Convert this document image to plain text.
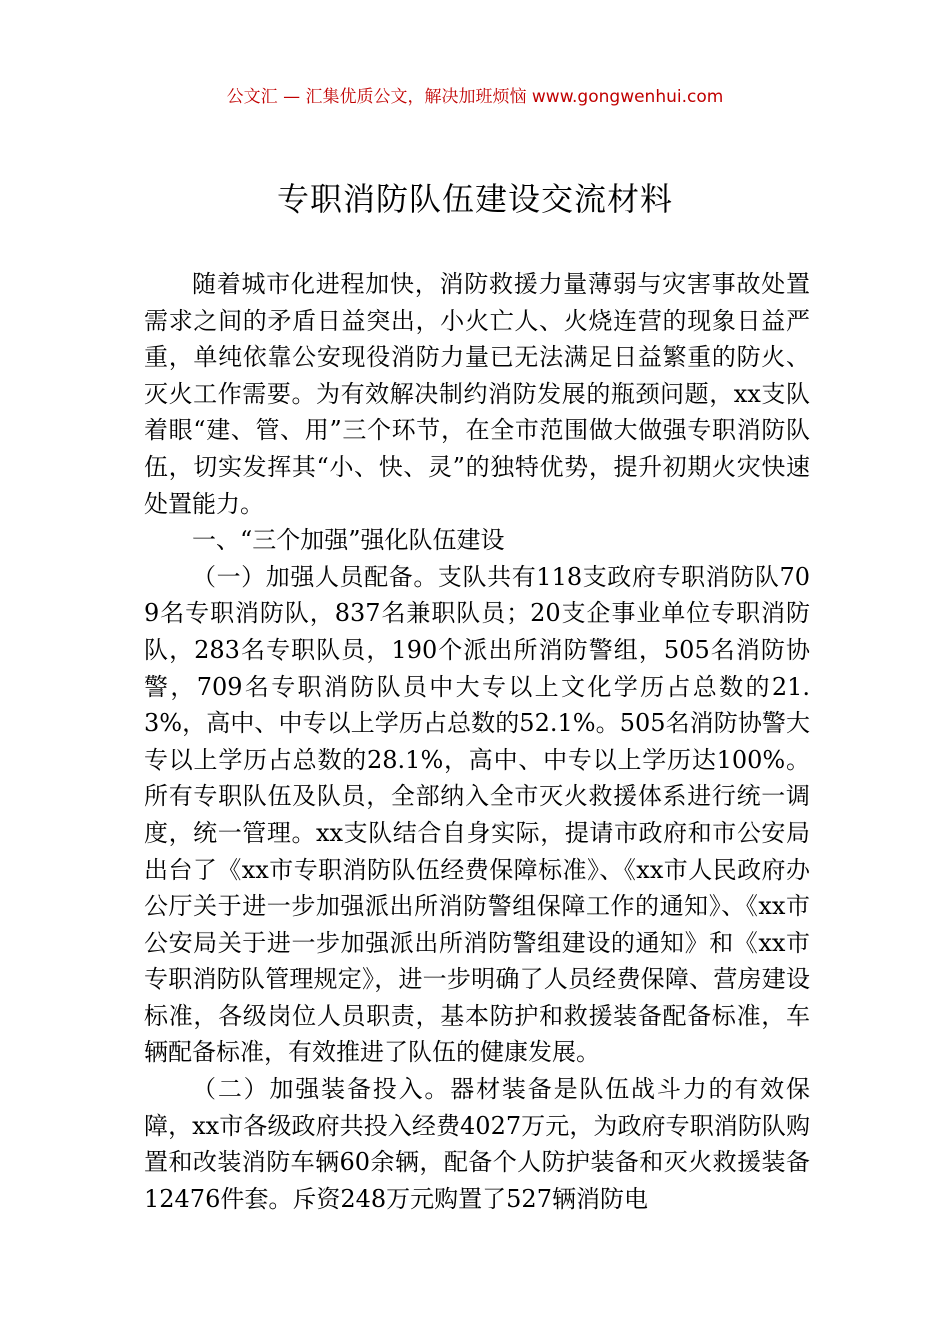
公文汇 — 汇集优质公文，解决加班烦恼 www.gongwenhui.com
专职消防队伍建设交流材料

随着城市化进程加快，消防救援力量薄弱与灾害事故处置需求之间的矛盾日益突出，小火亡人、火烧连营的现象日益严重，单纯依靠公安现役消防力量已无法满足日益繁重的防火、灭火工作需要。为有效解决制约消防发展的瓶颈问题，xx支队着眼“建、管、用”三个环节，在全市范围做大做强专职消防队伍，切实发挥其“小、快、灵”的独特优势，提升初期火灾快速处置能力。

一、“三个加强”强化队伍建设

（一）加强人员配备。支队共有118支政府专职消防队709名专职消防队，837名兼职队员；20支企事业单位专职消防队，283名专职队员，190个派出所消防警组，505名消防协警，709名专职消防队员中大专以上文化学历占总数的21.3%，高中、中专以上学历占总数的52.1%。505名消防协警大专以上学历占总数的28.1%，高中、中专以上学历达100%。所有专职队伍及队员，全部纳入全市灭火救援体系进行统一调度，统一管理。xx支队结合自身实际，提请市政府和市公安局出台了《xx市专职消防队伍经费保障标准》、《xx市人民政府办公厅关于进一步加强派出所消防警组保障工作的通知》、《xx市公安局关于进一步加强派出所消防警组建设的通知》和《xx市专职消防队管理规定》，进一步明确了人员经费保障、营房建设标准，各级岗位人员职责，基本防护和救援装备配备标准，车辆配备标准，有效推进了队伍的健康发展。

（二）加强装备投入。器材装备是队伍战斗力的有效保障，xx市各级政府共投入经费4027万元，为政府专职消防队购置和改装消防车辆60余辆，配备个人防护装备和灭火救援装备12476件套。斥资248万元购置了527辆消防电
